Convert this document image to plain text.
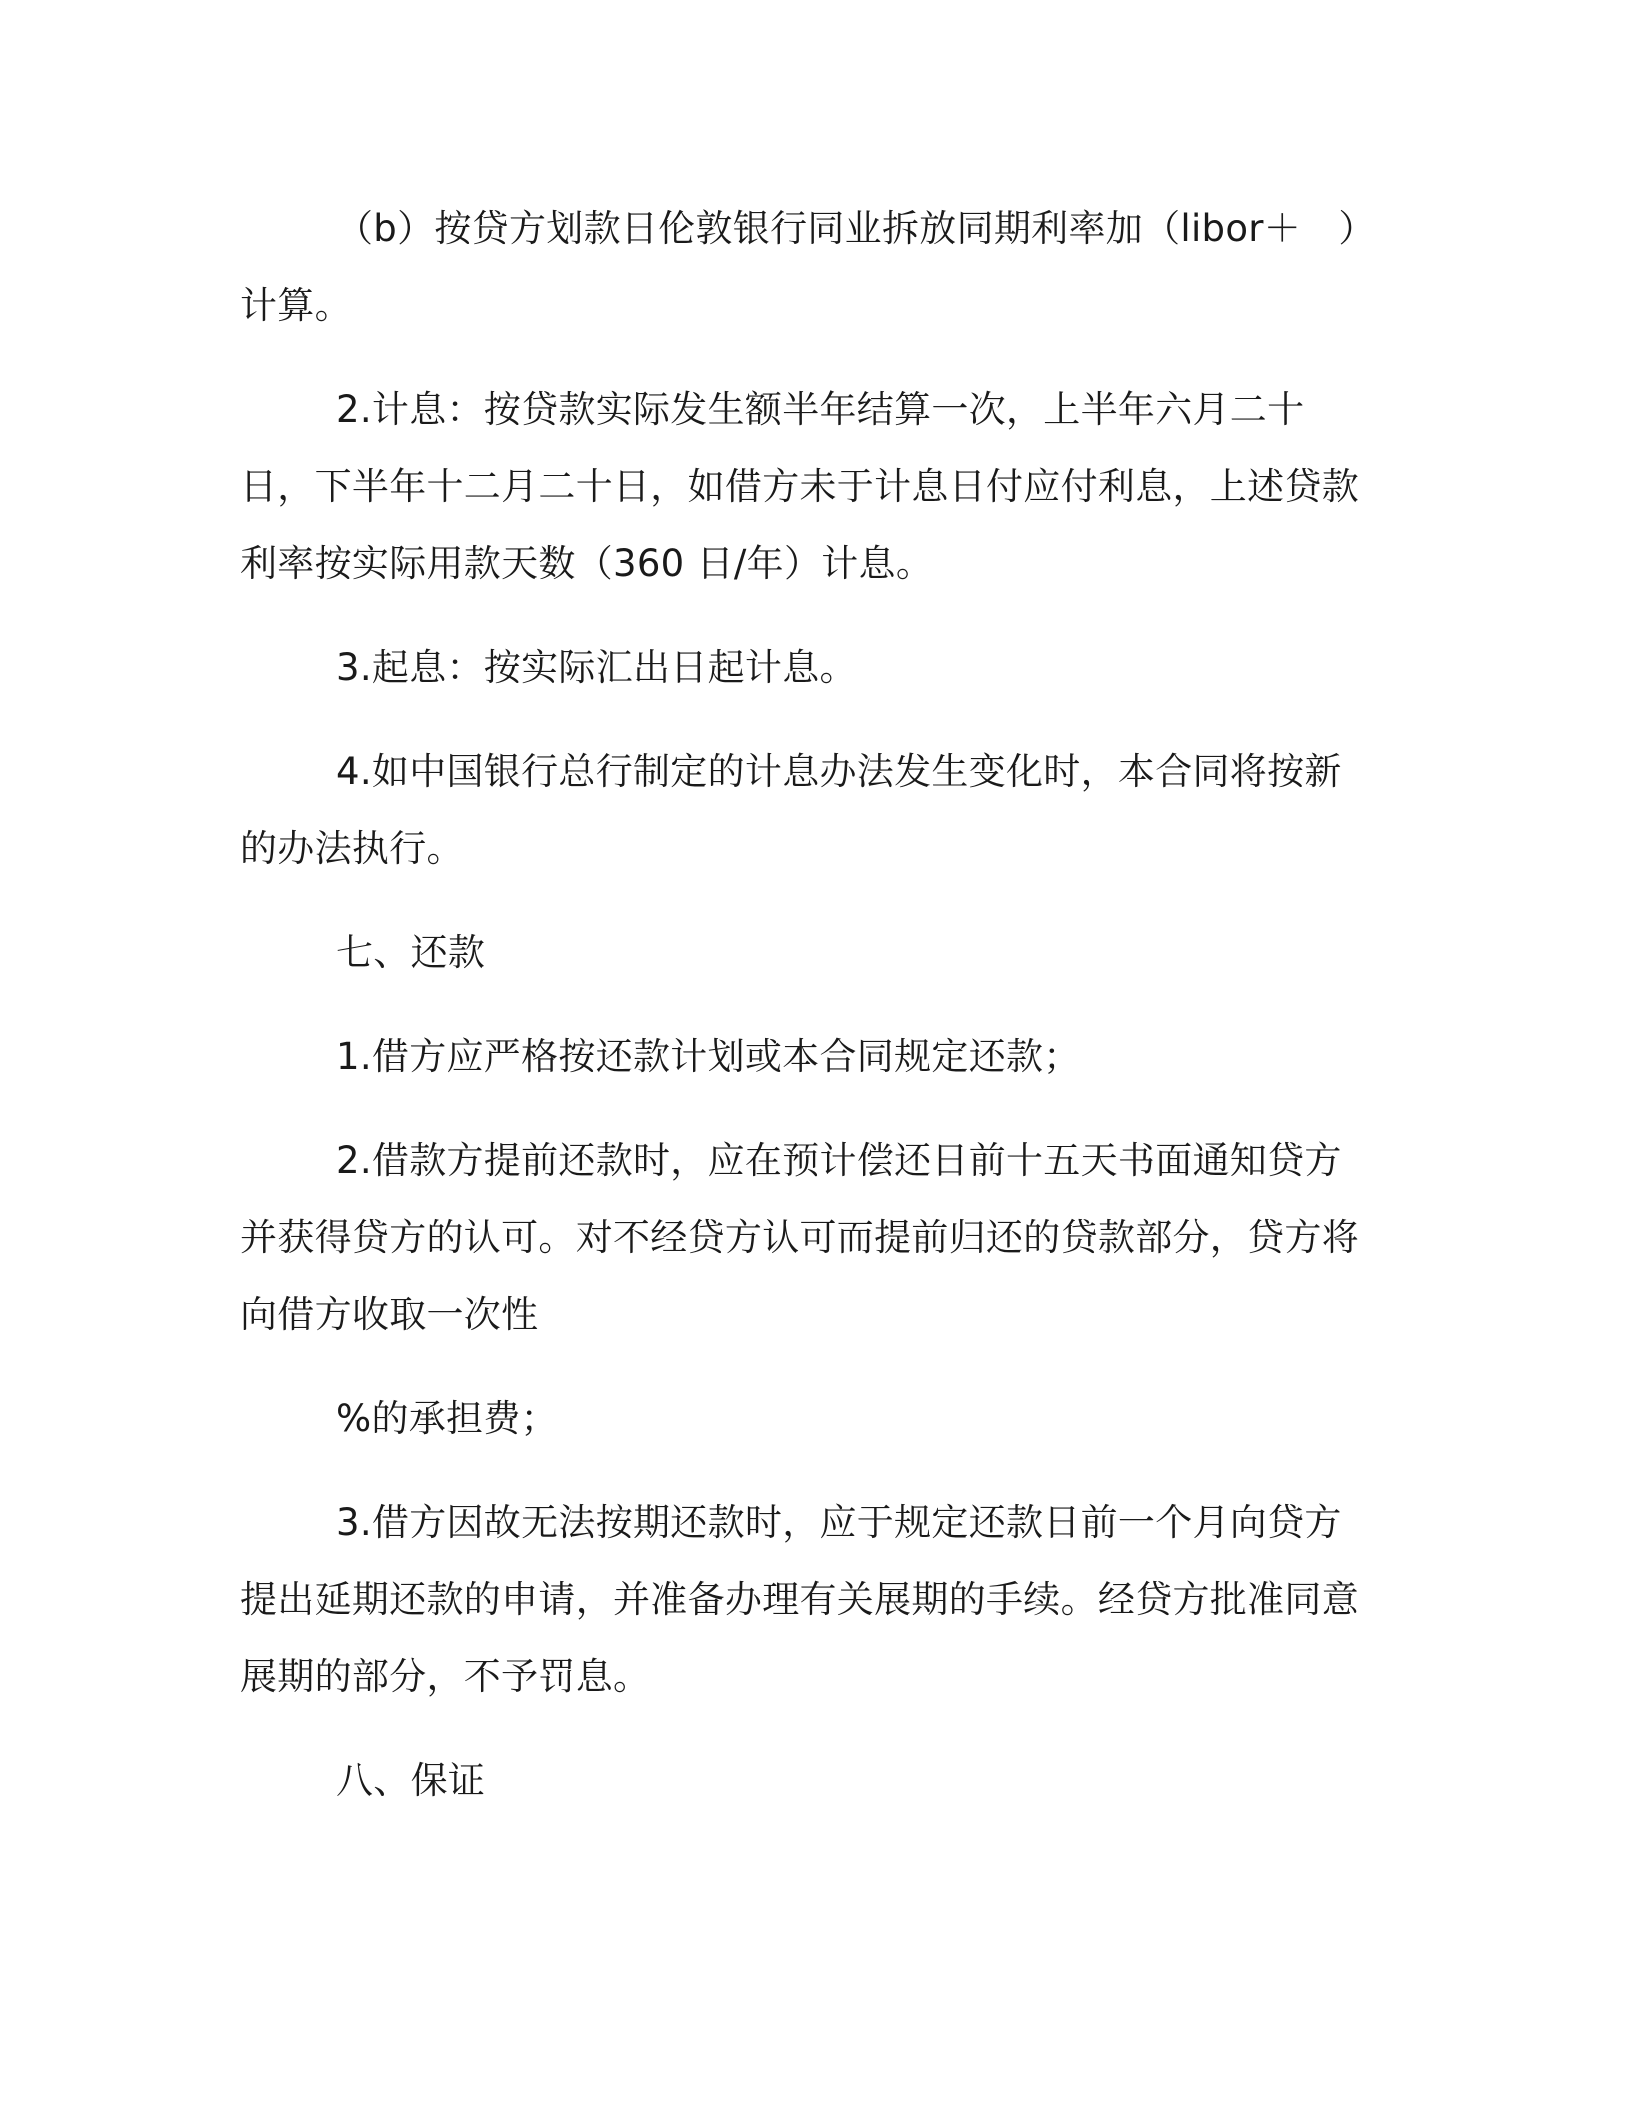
（b）按贷方划款日伦敦银行同业拆放同期利率加（libor＋　）计算。

2.计息：按贷款实际发生额半年结算一次，上半年六月二十日，下半年十二月二十日，如借方未于计息日付应付利息，上述贷款利率按实际用款天数（360 日/年）计息。

3.起息：按实际汇出日起计息。

4.如中国银行总行制定的计息办法发生变化时，本合同将按新的办法执行。

七、还款

1.借方应严格按还款计划或本合同规定还款；

2.借款方提前还款时，应在预计偿还日前十五天书面通知贷方并获得贷方的认可。对不经贷方认可而提前归还的贷款部分，贷方将向借方收取一次性

%的承担费；

3.借方因故无法按期还款时，应于规定还款日前一个月向贷方提出延期还款的申请，并准备办理有关展期的手续。经贷方批准同意展期的部分，不予罚息。

八、保证
